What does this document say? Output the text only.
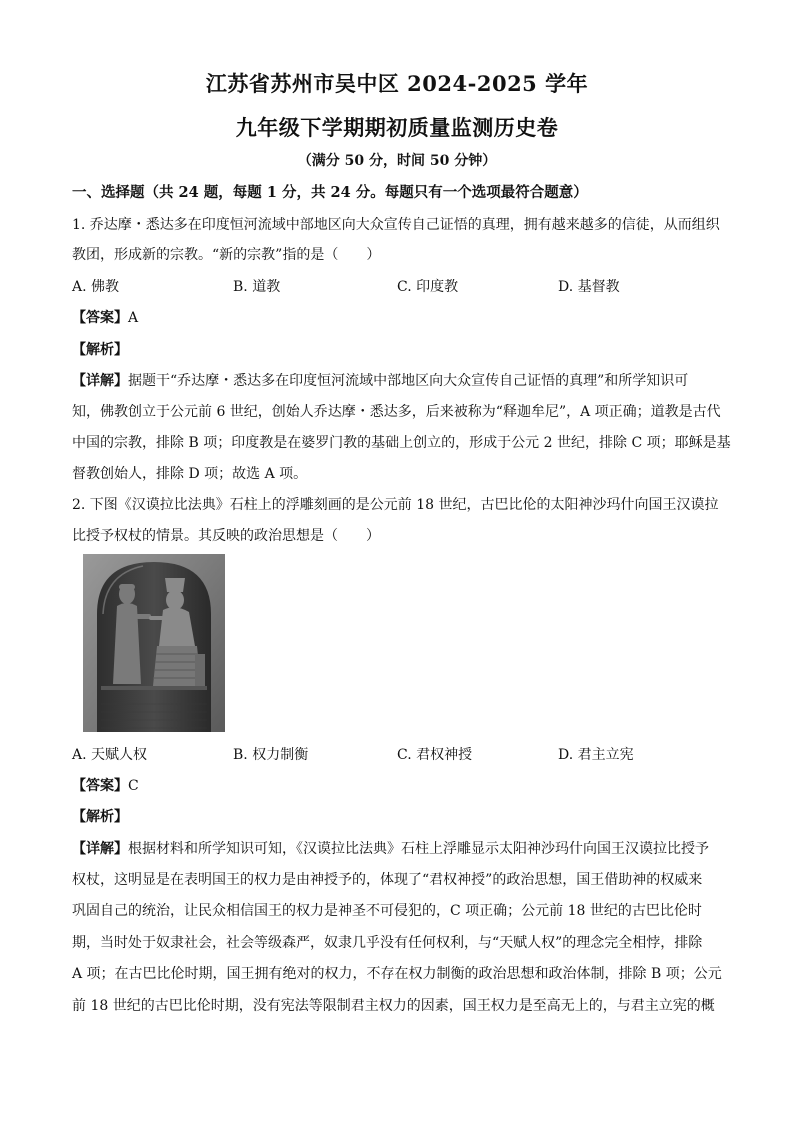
江苏省苏州市吴中区 2024-2025 学年
九年级下学期期初质量监测历史卷
（满分 50 分，时间 50 分钟）
一、选择题（共 24 题，每题 1 分，共 24 分。每题只有一个选项最符合题意）
1. 乔达摩・悉达多在印度恒河流域中部地区向大众宣传自己证悟的真理，拥有越来越多的信徒，从而组织
教团，形成新的宗教。“新的宗教”指的是（　　）
A. 佛教	B. 道教	C. 印度教	D. 基督教
【答案】A
【解析】
【详解】据题干“乔达摩・悉达多在印度恒河流域中部地区向大众宣传自己证悟的真理”和所学知识可
知，佛教创立于公元前 6 世纪，创始人乔达摩・悉达多，后来被称为“释迦牟尼”，A 项正确；道教是古代
中国的宗教，排除 B 项；印度教是在婆罗门教的基础上创立的，形成于公元 2 世纪，排除 C 项；耶稣是基
督教创始人，排除 D 项；故选 A 项。
2. 下图《汉谟拉比法典》石柱上的浮雕刻画的是公元前 18 世纪，古巴比伦的太阳神沙玛什向国王汉谟拉
比授予权杖的情景。其反映的政治思想是（　　）
A. 天赋人权	B. 权力制衡	C. 君权神授	D. 君主立宪
【答案】C
【解析】
【详解】根据材料和所学知识可知，《汉谟拉比法典》石柱上浮雕显示太阳神沙玛什向国王汉谟拉比授予
权杖，这明显是在表明国王的权力是由神授予的，体现了“君权神授”的政治思想，国王借助神的权威来
巩固自己的统治，让民众相信国王的权力是神圣不可侵犯的，C 项正确；公元前 18 世纪的古巴比伦时
期，当时处于奴隶社会，社会等级森严，奴隶几乎没有任何权利，与“天赋人权”的理念完全相悖，排除
A 项；在古巴比伦时期，国王拥有绝对的权力，不存在权力制衡的政治思想和政治体制，排除 B 项；公元
前 18 世纪的古巴比伦时期，没有宪法等限制君主权力的因素，国王权力是至高无上的，与君主立宪的概
